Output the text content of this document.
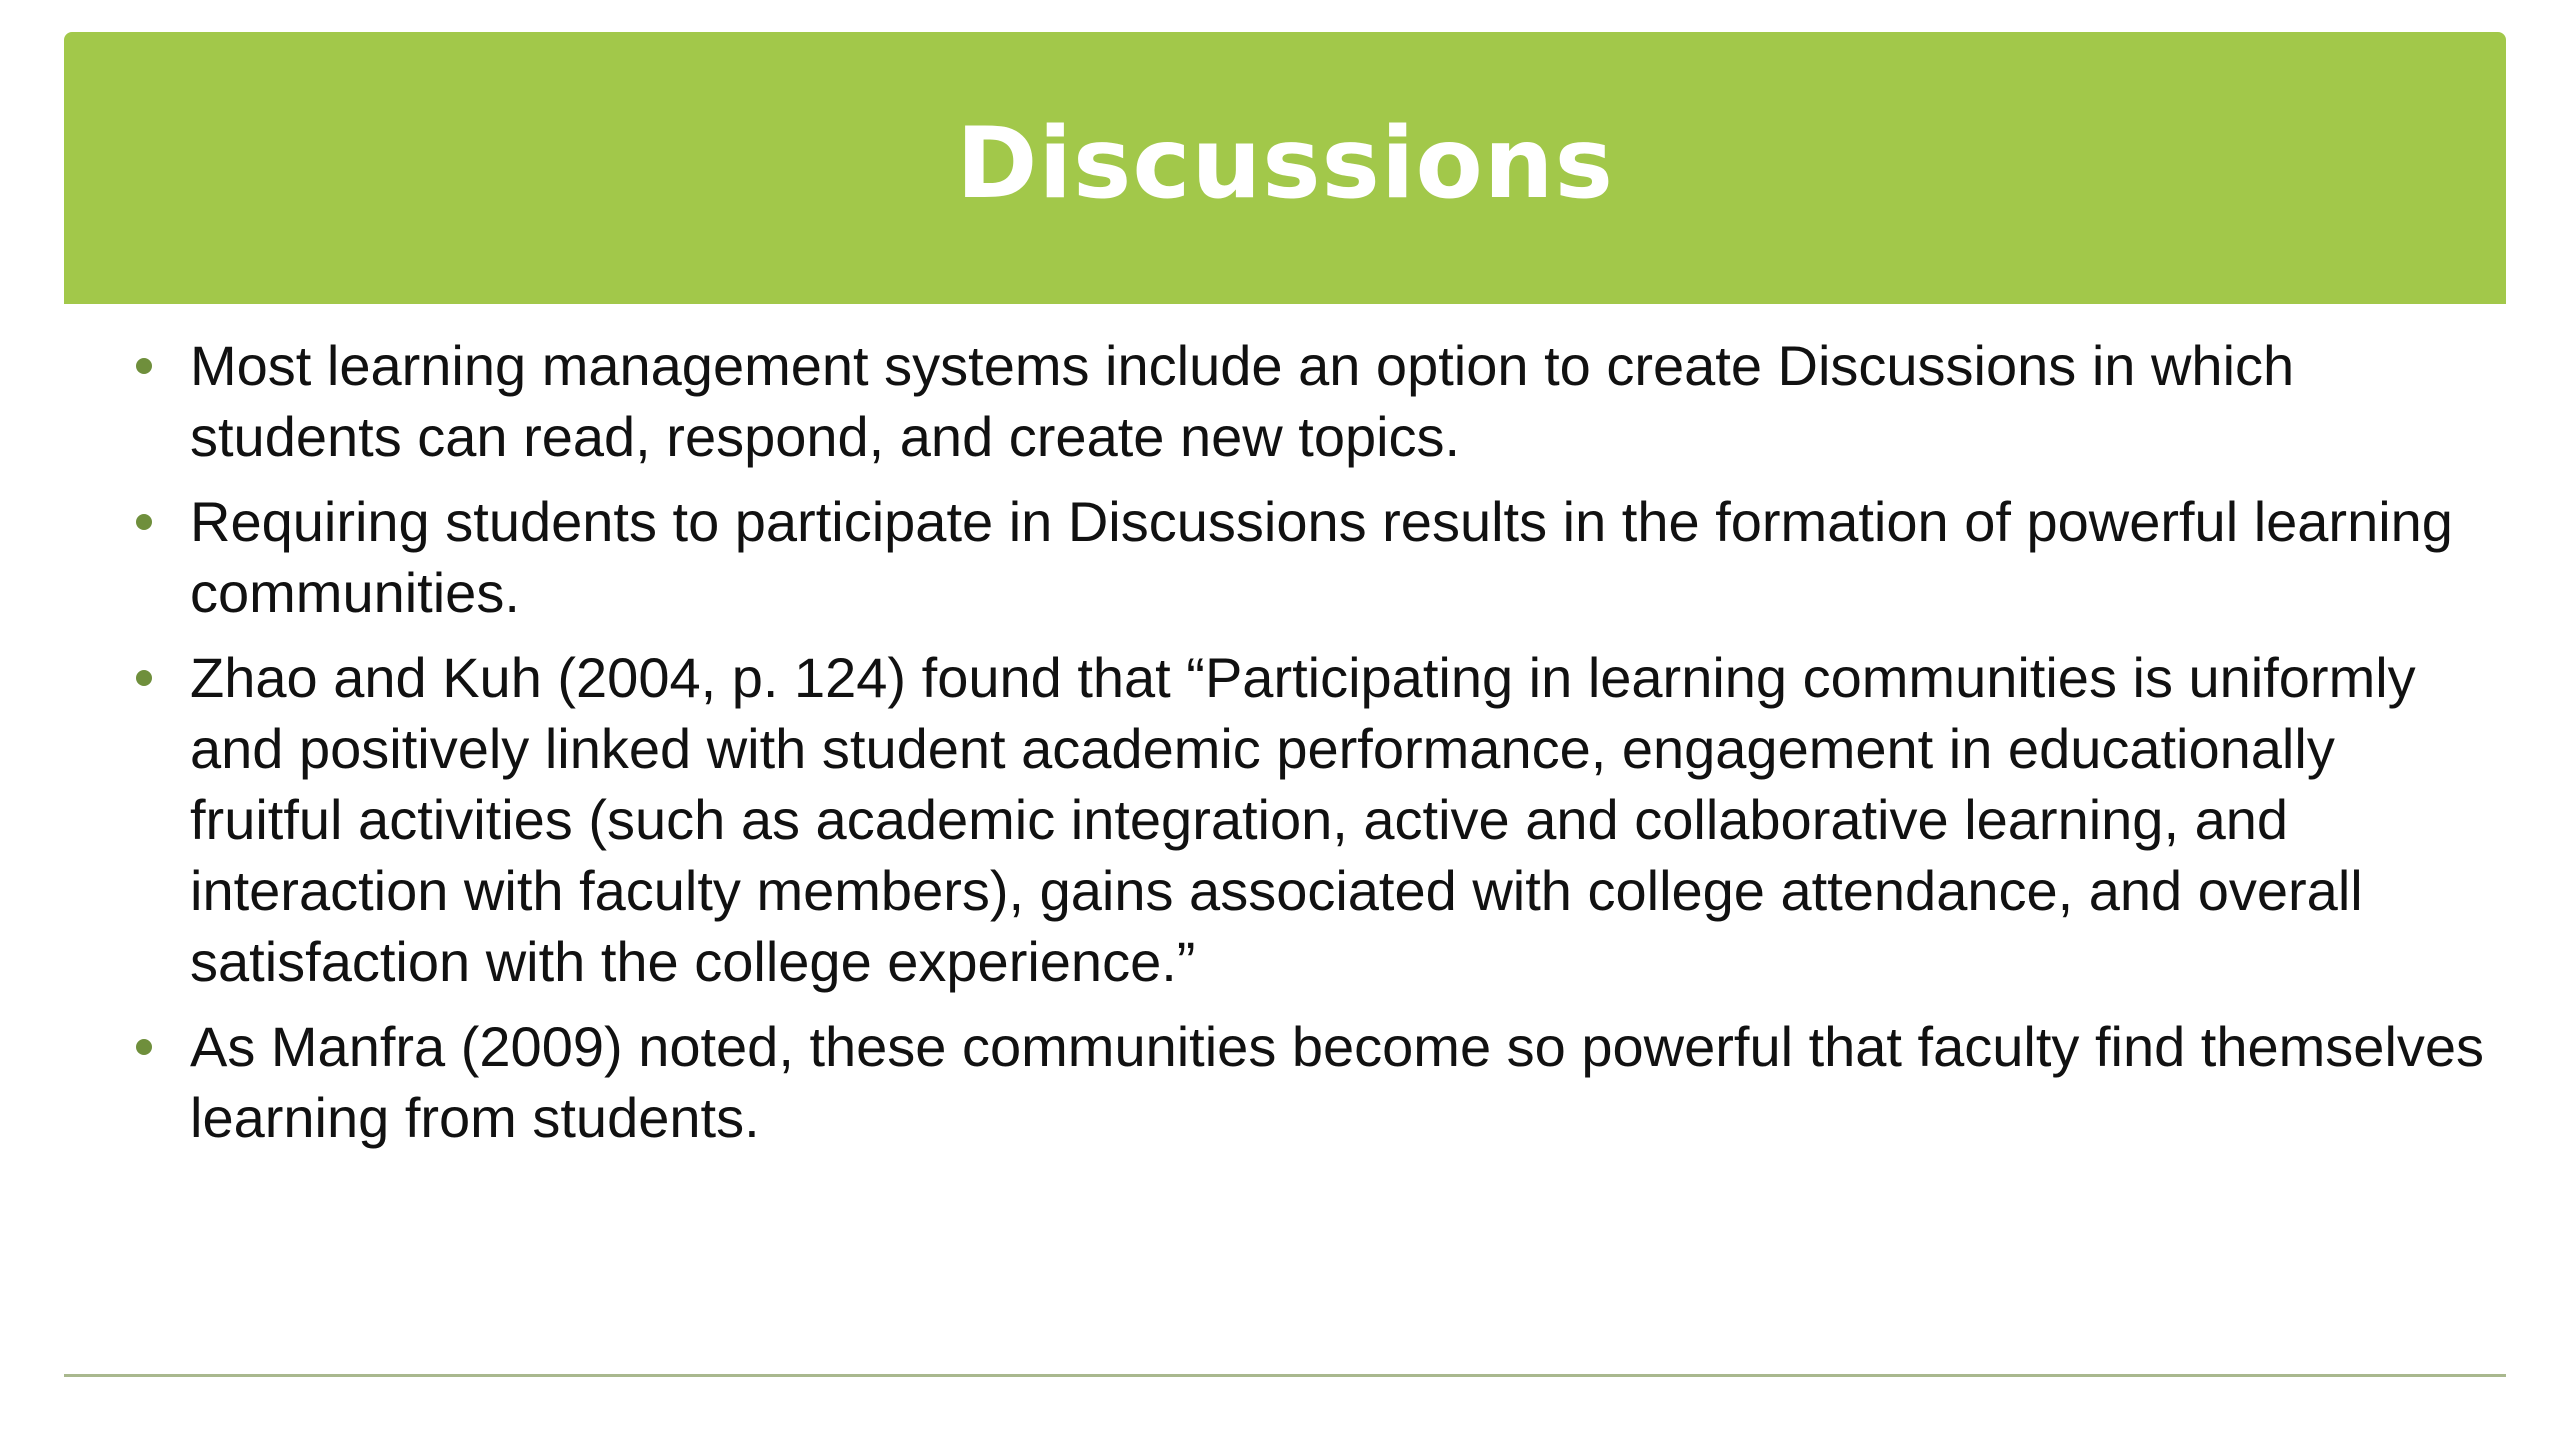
Discussions
Most learning management systems include an option to create Discussions in which students can read, respond, and create new topics.
Requiring students to participate in Discussions results in the formation of powerful learning communities.
Zhao and Kuh (2004, p. 124) found that “Participating in learning communities is uniformly and positively linked with student academic performance, engagement in educationally fruitful activities (such as academic integration, active and collaborative learning, and interaction with faculty members), gains associated with college attendance, and overall satisfaction with the college experience.”
As Manfra (2009) noted, these communities become so powerful that faculty find themselves learning from students.
